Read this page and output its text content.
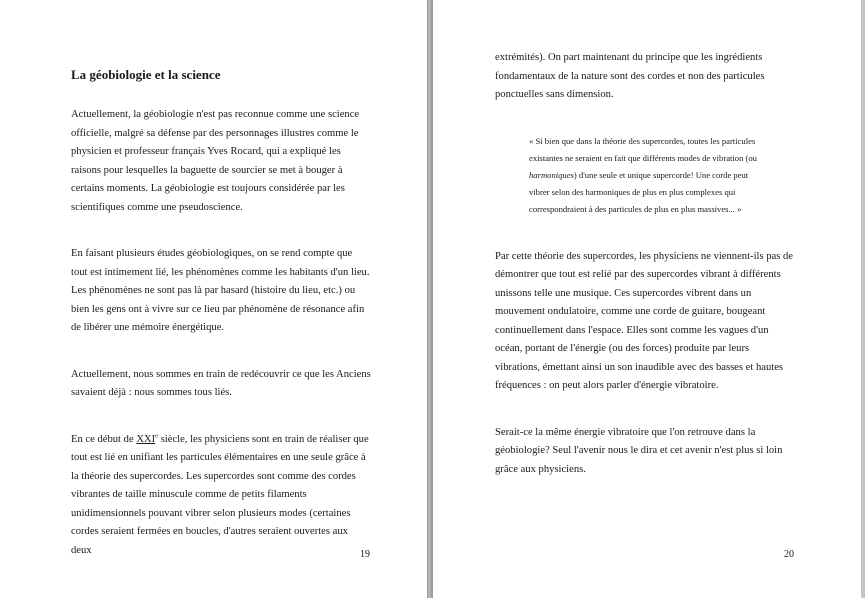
La géobiologie et la science

Actuellement, la géobiologie n'est pas reconnue comme une science officielle, malgré sa défense par des personnages illustres comme le physicien et professeur français Yves Rocard, qui a expliqué les raisons pour lesquelles la baguette de sourcier se met à bouger à certains moments. La géobiologie est toujours considérée par les scientifiques comme une pseudoscience.

En faisant plusieurs études géobiologiques, on se rend compte que tout est intimement lié, les phénomènes comme les habitants d'un lieu. Les phénomènes ne sont pas là par hasard (histoire du lieu, etc.) ou bien les gens ont à vivre sur ce lieu par phénomène de résonance afin de libérer une mémoire énergétique.

Actuellement, nous sommes en train de redécouvrir ce que les Anciens savaient déjà : nous sommes tous liés.

En ce début de XXIe siècle, les physiciens sont en train de réaliser que tout est lié en unifiant les particules élémentaires en une seule grâce à la théorie des supercordes. Les supercordes sont comme des cordes vibrantes de taille minuscule comme de petits filaments unidimensionnels pouvant vibrer selon plusieurs modes (certaines cordes seraient fermées en boucles, d'autres seraient ouvertes aux deux	19

extrémités). On part maintenant du principe que les ingrédients fondamentaux de la nature sont des cordes et non des particules ponctuelles sans dimension.

« Si bien que dans la théorie des supercordes, toutes les particules existantes ne seraient en fait que différents modes de vibration (ou harmoniques) d'une seule et unique supercorde! Une corde peut vibrer selon des harmoniques de plus en plus complexes qui correspondraient à des particules de plus en plus massives... »

Par cette théorie des supercordes, les physiciens ne viennent-ils pas de démontrer que tout est relié par des supercordes vibrant à différents unissons telle une musique. Ces supercordes vibrent dans un mouvement ondulatoire, comme une corde de guitare, bougeant continuellement dans l'espace. Elles sont comme les vagues d'un océan, portant de l'énergie (ou des forces) produite par leurs vibrations, émettant ainsi un son inaudible avec des basses et hautes fréquences : on peut alors parler d'énergie vibratoire.

Serait-ce la même énergie vibratoire que l'on retrouve dans la géobiologie? Seul l'avenir nous le dira et cet avenir n'est plus si loin grâce aux physiciens.

20
